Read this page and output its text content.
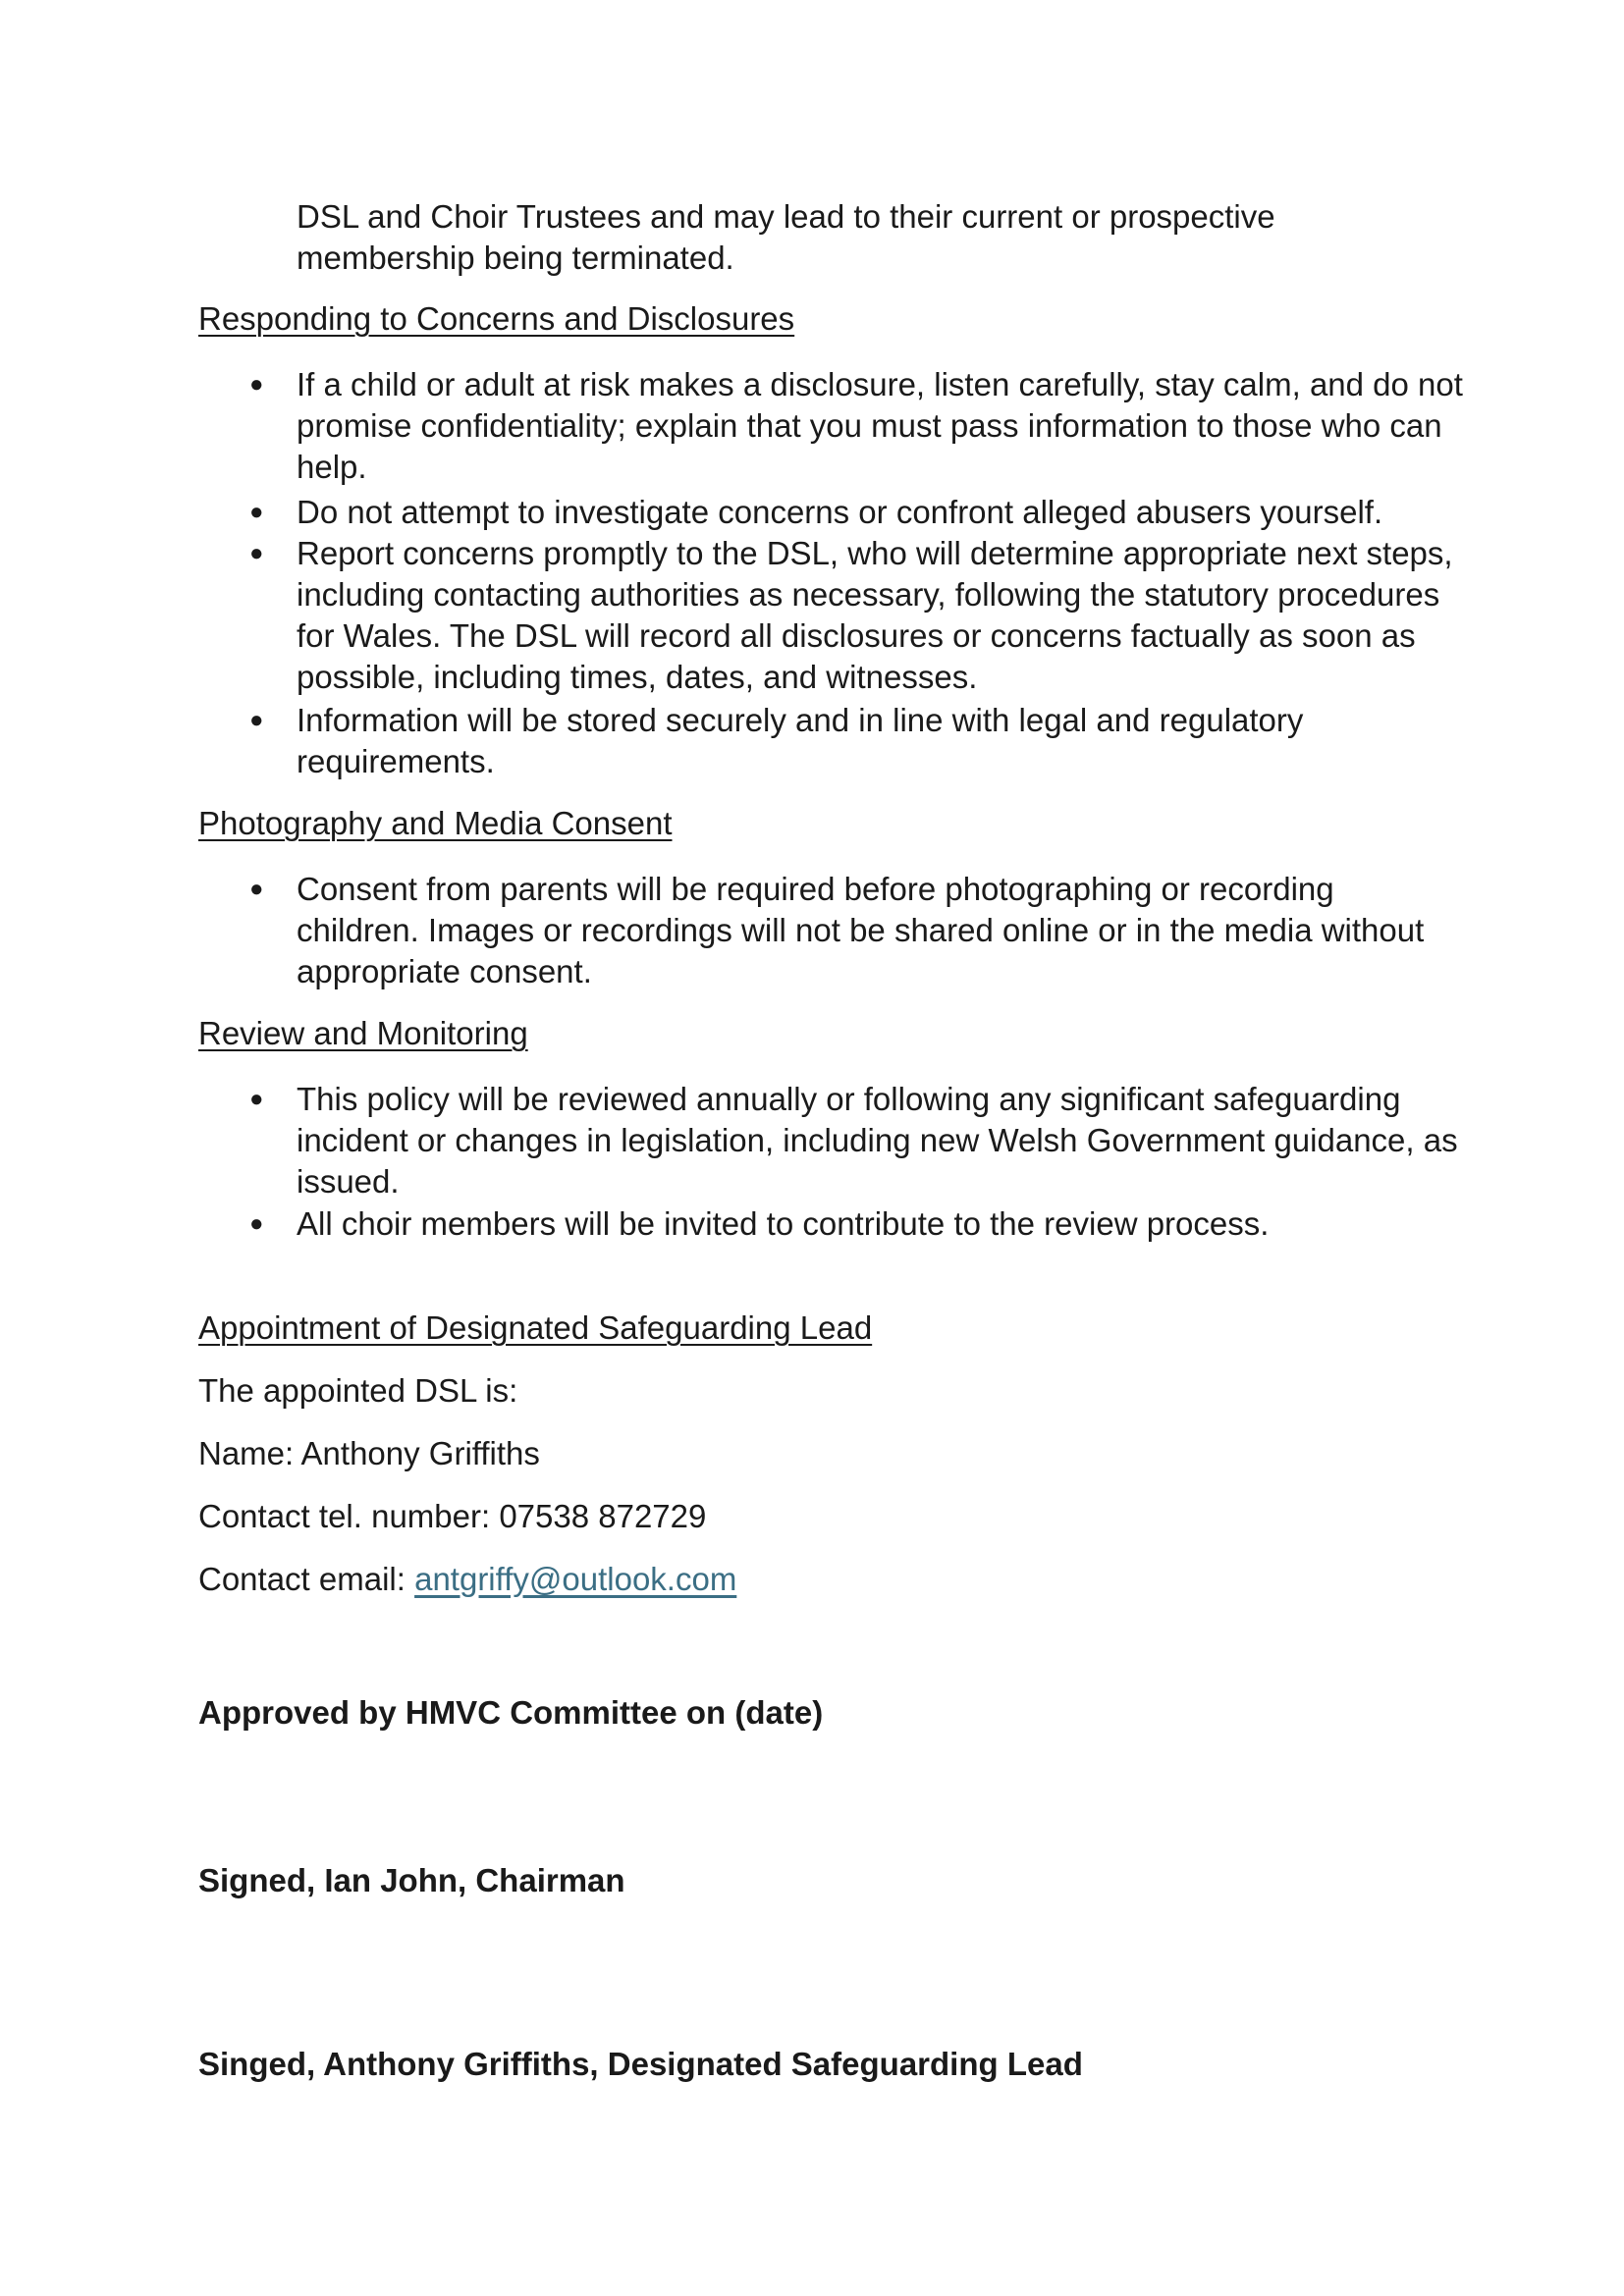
DSL and Choir Trustees and may lead to their current or prospective membership being terminated.
Responding to Concerns and Disclosures
● If a child or adult at risk makes a disclosure, listen carefully, stay calm, and do not promise confidentiality; explain that you must pass information to those who can help.
● Do not attempt to investigate concerns or confront alleged abusers yourself.
● Report concerns promptly to the DSL, who will determine appropriate next steps, including contacting authorities as necessary, following the statutory procedures for Wales. The DSL will record all disclosures or concerns factually as soon as possible, including times, dates, and witnesses.
● Information will be stored securely and in line with legal and regulatory requirements.
Photography and Media Consent
● Consent from parents will be required before photographing or recording children. Images or recordings will not be shared online or in the media without appropriate consent.
Review and Monitoring
● This policy will be reviewed annually or following any significant safeguarding incident or changes in legislation, including new Welsh Government guidance, as issued.
● All choir members will be invited to contribute to the review process.
Appointment of Designated Safeguarding Lead
The appointed DSL is:
Name: Anthony Griffiths
Contact tel. number: 07538 872729
Contact email: antgriffy@outlook.com
Approved by HMVC Committee on (date)
Signed, Ian John, Chairman
Singed, Anthony Griffiths, Designated Safeguarding Lead
